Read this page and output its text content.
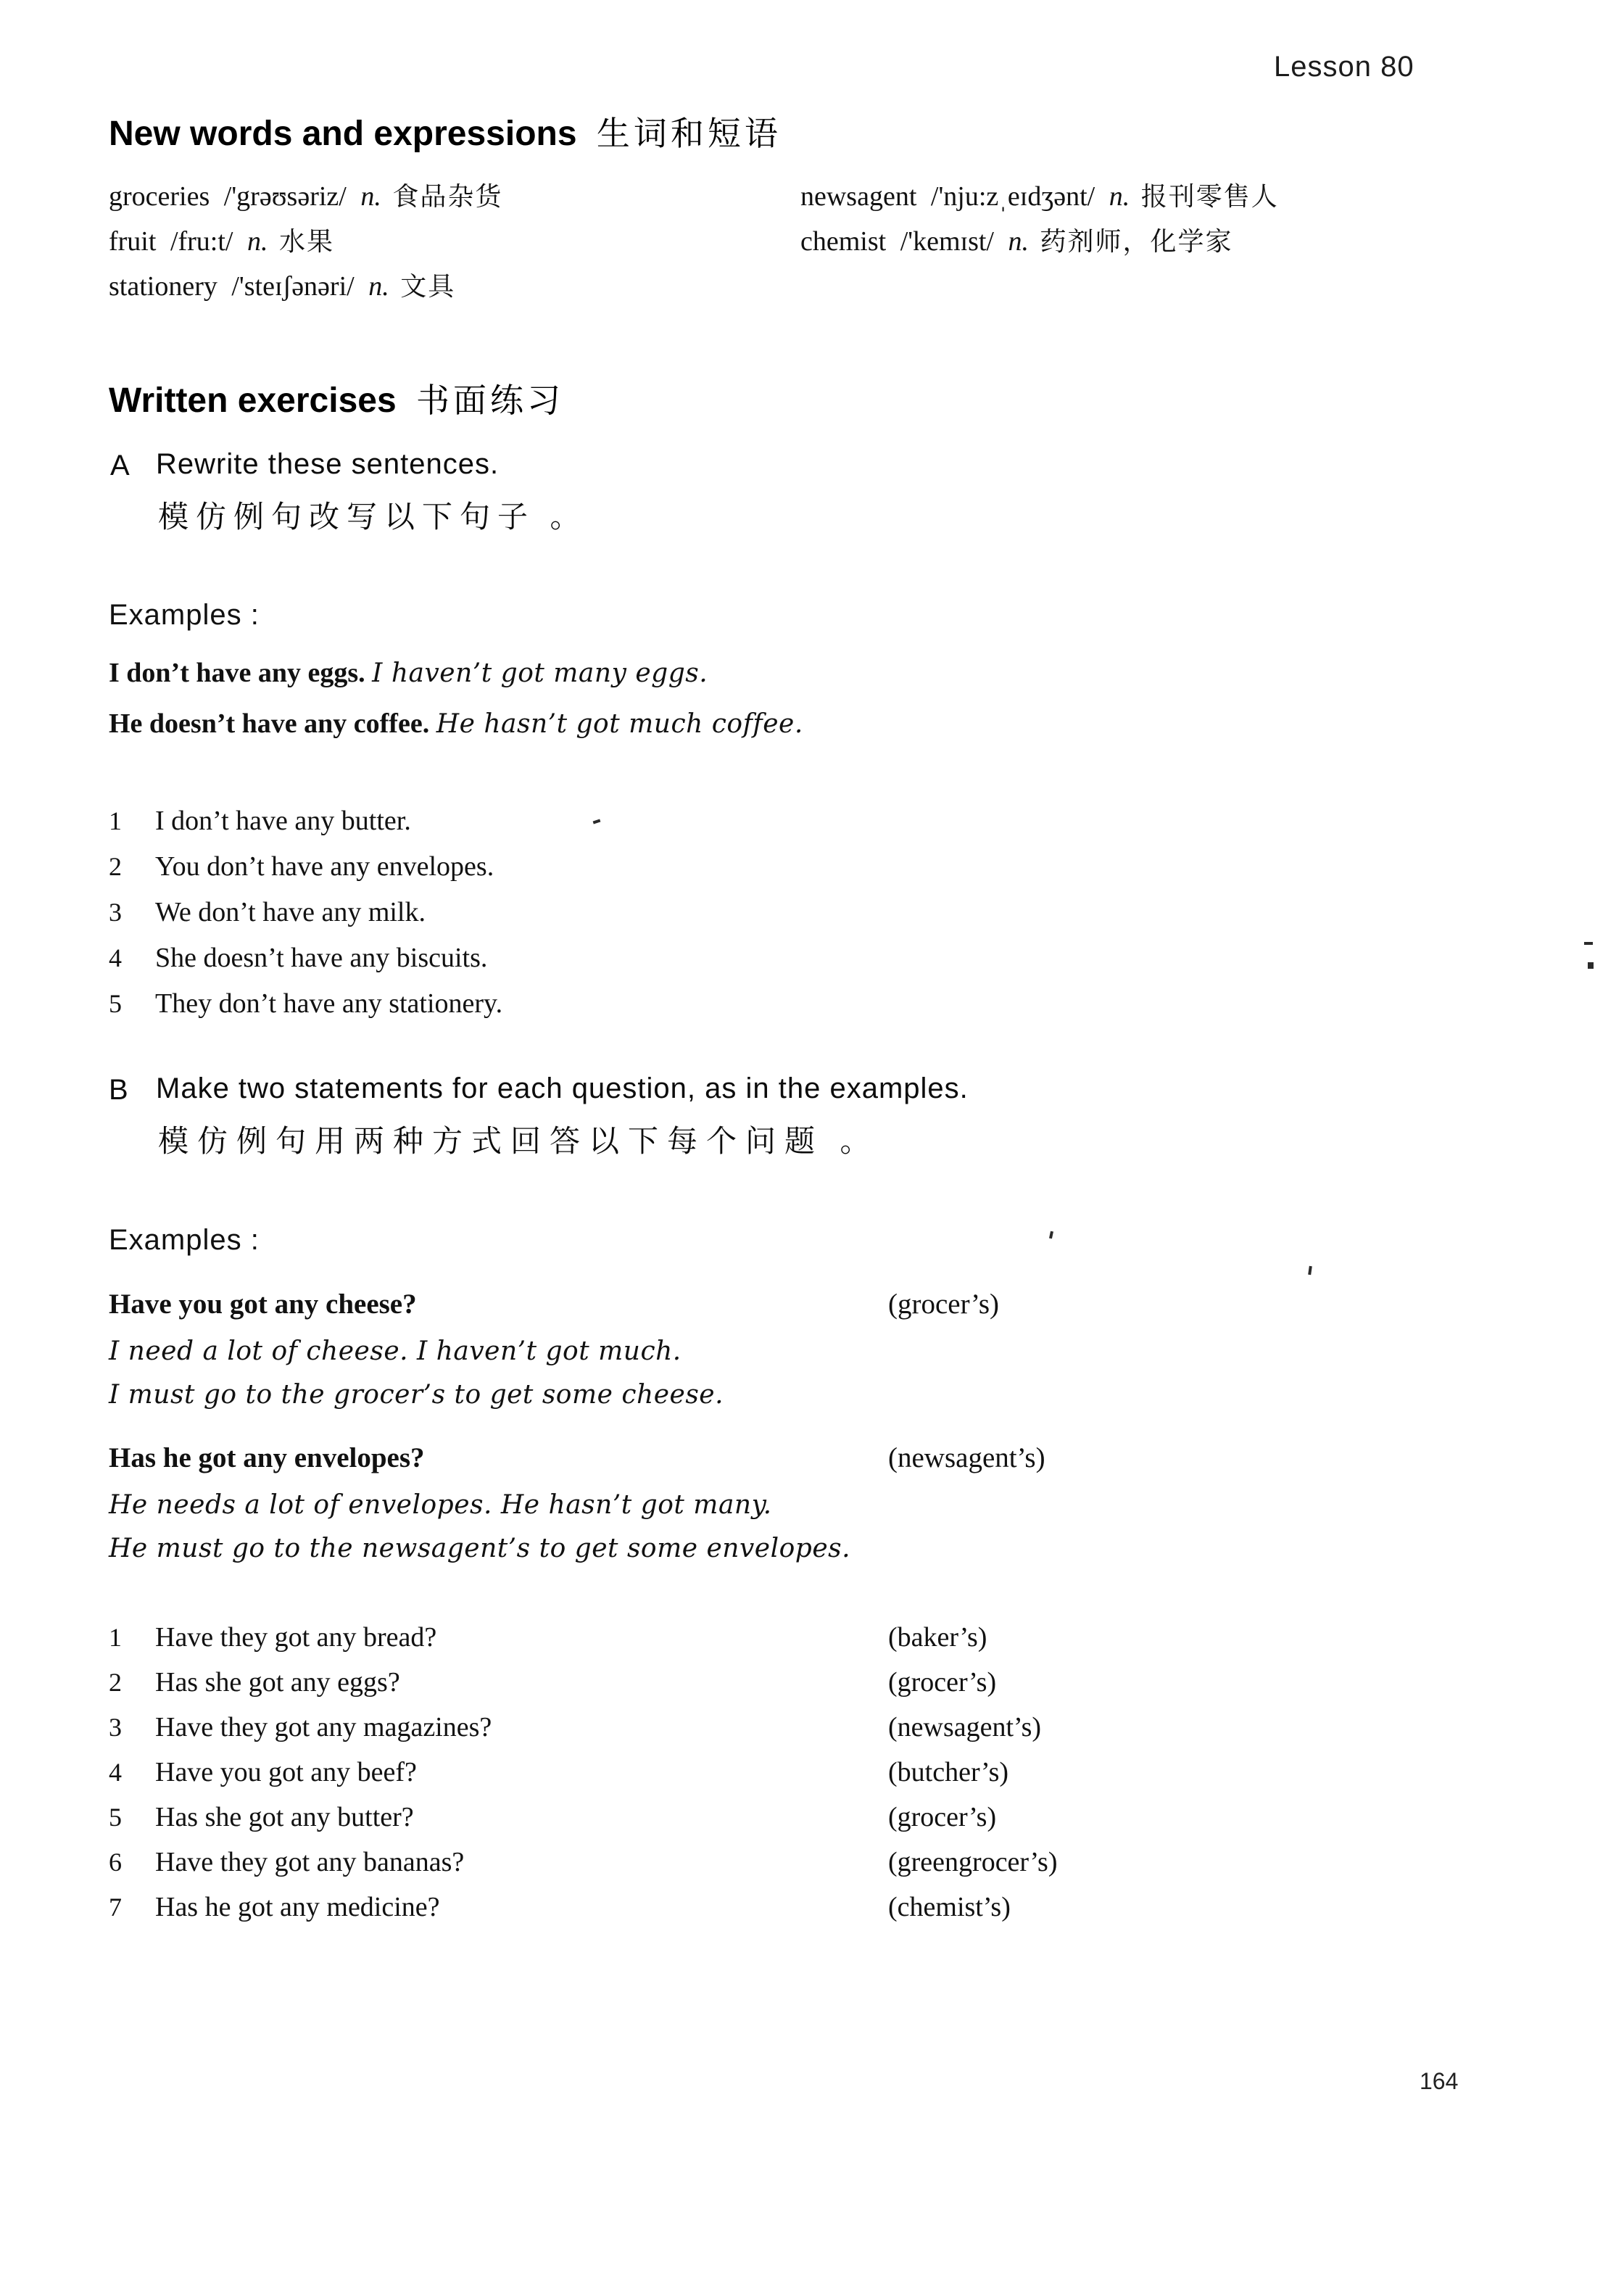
Lesson 80
New words and expressions 生词和短语
groceries /'grəʊsəriz/ n. 食品杂货
fruit /fru:t/ n. 水果
stationery /'steɪʃənəri/ n. 文具
newsagent /'nju:zˌeɪdʒənt/ n. 报刊零售人
chemist /'kemɪst/ n. 药剂师，化学家
Written exercises 书面练习
A Rewrite these sentences.
模仿例句改写以下句子 。
Examples :
I don’t have any eggs. I haven’t got many eggs.
He doesn’t have any coffee. He hasn’t got much coffee.
1	I don’t have any butter.
2	You don’t have any envelopes.
3	We don’t have any milk.
4	She doesn’t have any biscuits.
5	They don’t have any stationery.
B Make two statements for each question, as in the examples.
模仿例句用两种方式回答以下每个问题 。
Examples :
Have you got any cheese?	(grocer’s)
I need a lot of cheese. I haven’t got much.
I must go to the grocer’s to get some cheese.
Has he got any envelopes?	(newsagent’s)
He needs a lot of envelopes. He hasn’t got many.
He must go to the newsagent’s to get some envelopes.
1	Have they got any bread?	(baker’s)
2	Has she got any eggs?	(grocer’s)
3	Have they got any magazines?	(newsagent’s)
4	Have you got any beef?	(butcher’s)
5	Has she got any butter?	(grocer’s)
6	Have they got any bananas?	(greengrocer’s)
7	Has he got any medicine?	(chemist’s)
164
